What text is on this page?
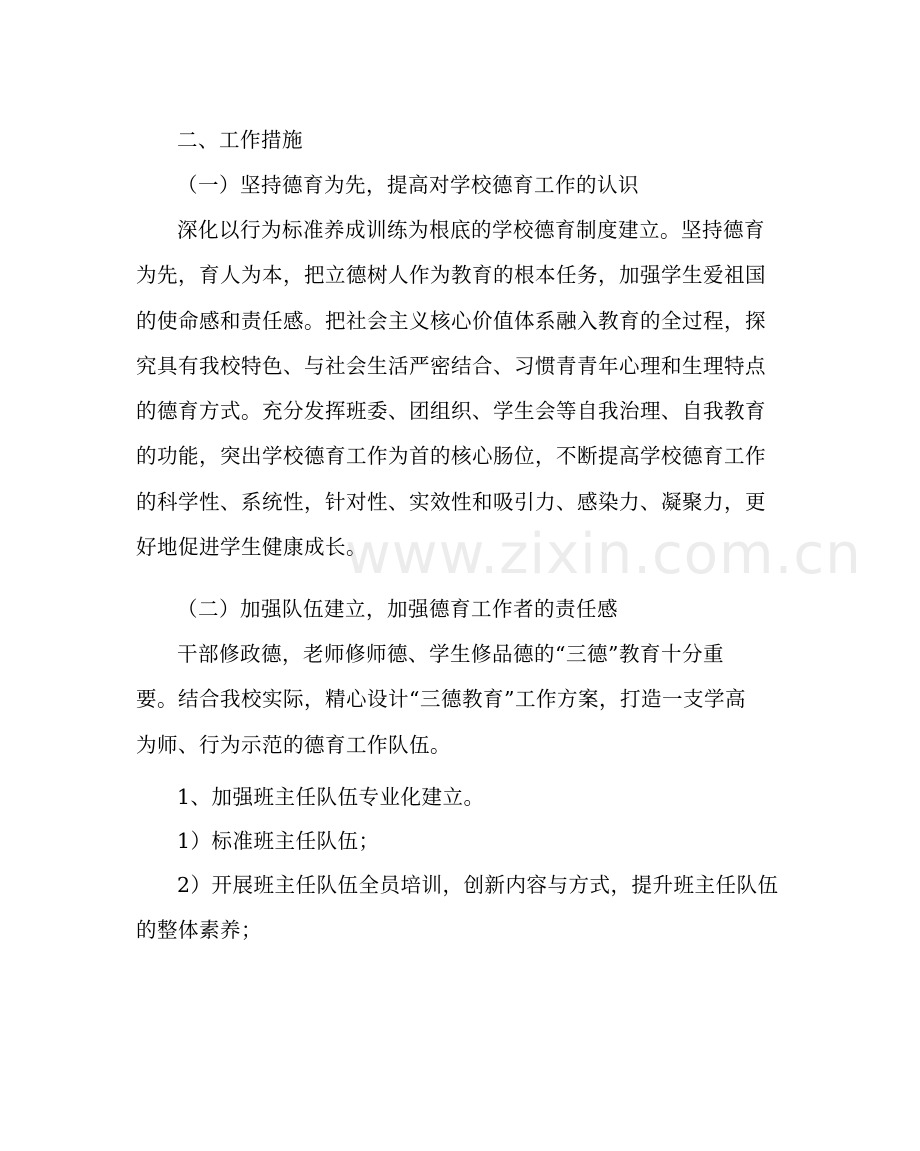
二、工作措施

（一）坚持德育为先，提高对学校德育工作的认识

深化以行为标准养成训练为根底的学校德育制度建立。坚持德育
为先，育人为本，把立德树人作为教育的根本任务，加强学生爱祖国
的使命感和责任感。把社会主义核心价值体系融入教育的全过程，探
究具有我校特色、与社会生活严密结合、习惯青青年心理和生理特点
的德育方式。充分发挥班委、团组织、学生会等自我治理、自我教育
的功能，突出学校德育工作为首的核心肠位，不断提高学校德育工作
的科学性、系统性，针对性、实效性和吸引力、感染力、凝聚力，更
好地促进学生健康成长。

（二）加强队伍建立，加强德育工作者的责任感

干部修政德，老师修师德、学生修品德的“三德”教育十分重
要。结合我校实际，精心设计“三德教育”工作方案，打造一支学高
为师、行为示范的德育工作队伍。

1、加强班主任队伍专业化建立。

1）标准班主任队伍；

2）开展班主任队伍全员培训，创新内容与方式，提升班主任队伍
的整体素养；

www.zixin.com.cn
